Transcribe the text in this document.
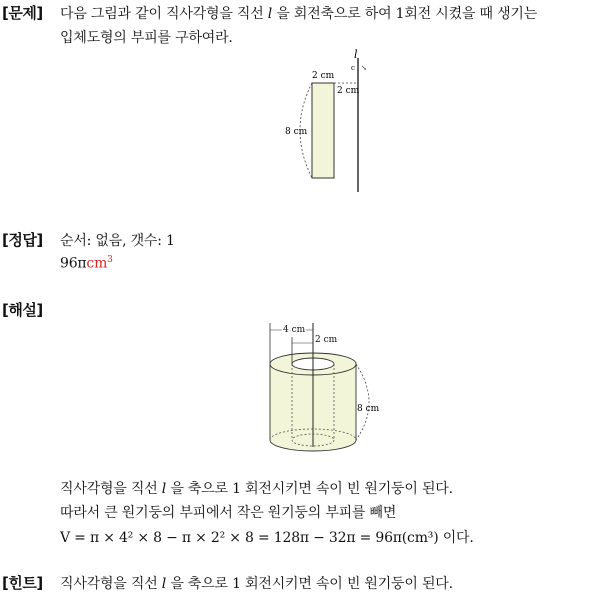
[문제] 다음 그림과 같이 직사각형을 직선 l 을 회전축으로 하여 1회전 시켰을 때 생기는
입체도형의 부피를 구하여라.
l
c ↘
2 cm
2 cm
8 cm
[정답] 순서: 없음, 갯수: 1
96πcm$^3$
[해설]
4 cm
2 cm
8 cm
직사각형을 직선 l 을 축으로 1 회전시키면 속이 빈 원기둥이 된다.
따라서 큰 원기둥의 부피에서 작은 원기둥의 부피를 빼면
V = π × 4² × 8 − π × 2² × 8 = 128π − 32π = 96π(cm³) 이다.
[힌트] 직사각형을 직선 l 을 축으로 1 회전시키면 속이 빈 원기둥이 된다.
